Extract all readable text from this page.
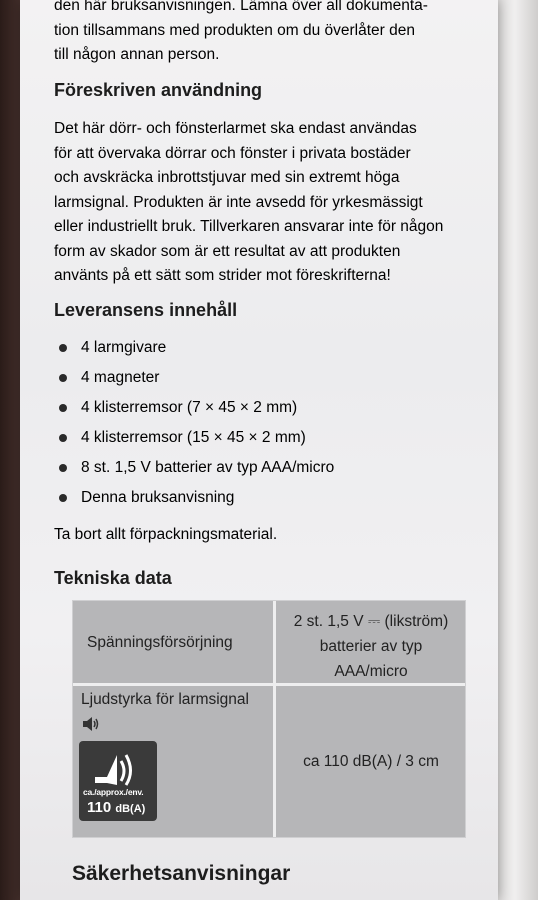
den här bruksanvisningen. Lämna över all dokumenta-

tion tillsammans med produkten om du överlåter den

till någon annan person.

Föreskriven användning

Det här dörr- och fönsterlarmet ska endast användas

för att övervaka dörrar och fönster i privata bostäder

och avskräcka inbrottstjuvar med sin extremt höga

larmsignal. Produkten är inte avsedd för yrkesmässigt

eller industriellt bruk. Tillverkaren ansvarar inte för någon

form av skador som är ett resultat av att produkten

använts på ett sätt som strider mot föreskrifterna!

Leveransens innehåll
4 larmgivare
4 magneter
4 klisterremsor (7 × 45 × 2 mm)
4 klisterremsor (15 × 45 × 2 mm)
8 st. 1,5 V batterier av typ AAA/micro
Denna bruksanvisning
Ta bort allt förpackningsmaterial.
Tekniska data
Spänningsförsörjning
2 st. 1,5 V ⎓ (likström)
batterier av typ
AAA/micro
Ljudstyrka för larmsignal
ca./approx./env.
110 dB(A)
ca 110 dB(A) / 3 cm
Säkerhetsanvisningar
